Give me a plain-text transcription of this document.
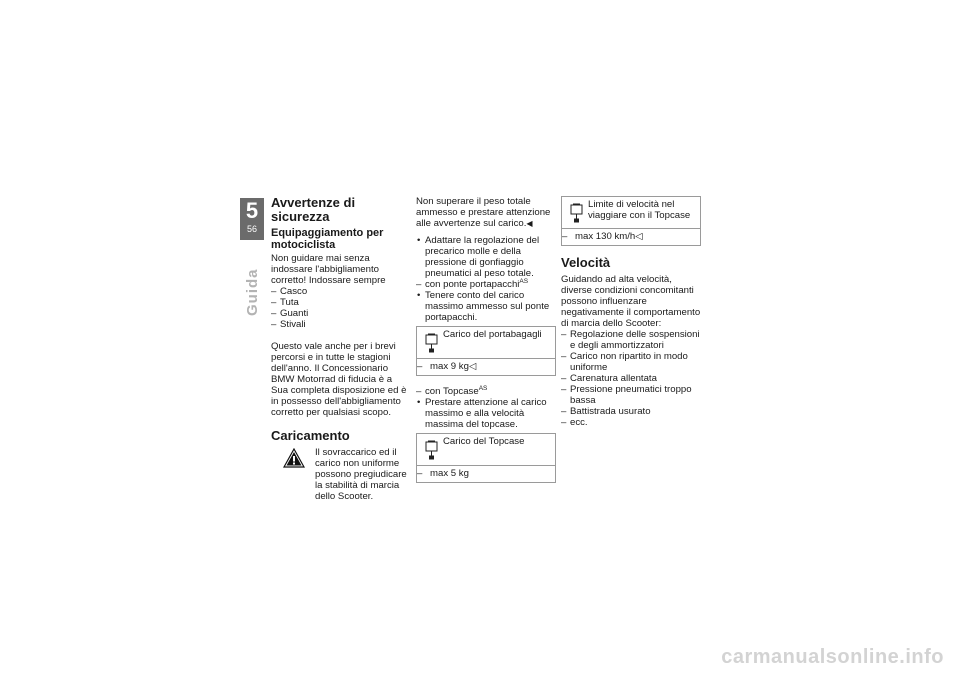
5
56
Guida
Avvertenze di sicurezza
Equipaggiamento per motociclista

Non guidare mai senza indossare l'abbigliamento corretto! Indossare sempre

– Casco
– Tuta
– Guanti
– Stivali

Questo vale anche per i brevi percorsi e in tutte le stagioni dell'anno. Il Concessionario BMW Motorrad di fiducia è a Sua completa disposizione ed è in possesso dell'abbigliamento corretto per qualsiasi scopo.

Caricamento
Il sovraccarico ed il carico non uniforme possono pregiudicare la stabilità di marcia dello Scooter.

Non superare il peso totale ammesso e prestare attenzione alle avvertenze sul carico.◀

• Adattare la regolazione del precarico molle e della pressione di gonfiaggio pneumatici al peso totale.
– con ponte portapacchi$^{AS}$
• Tenere conto del carico massimo ammesso sul ponte portapacchi.
Carico del portabagagli
– max 9 kg◁
– con Topcase$^{AS}$
• Prestare attenzione al carico massimo e alla velocità massima del topcase.
Carico del Topcase
– max 5 kg
Limite di velocità nel viaggiare con il Topcase
– max 130 km/h◁
Velocità

Guidando ad alta velocità, diverse condizioni concomitanti possono influenzare negativamente il comportamento di marcia dello Scooter:

– Regolazione delle sospensioni e degli ammortizzatori
– Carico non ripartito in modo uniforme
– Carenatura allentata
– Pressione pneumatici troppo bassa
– Battistrada usurato
– ecc.
carmanualsonline.info
